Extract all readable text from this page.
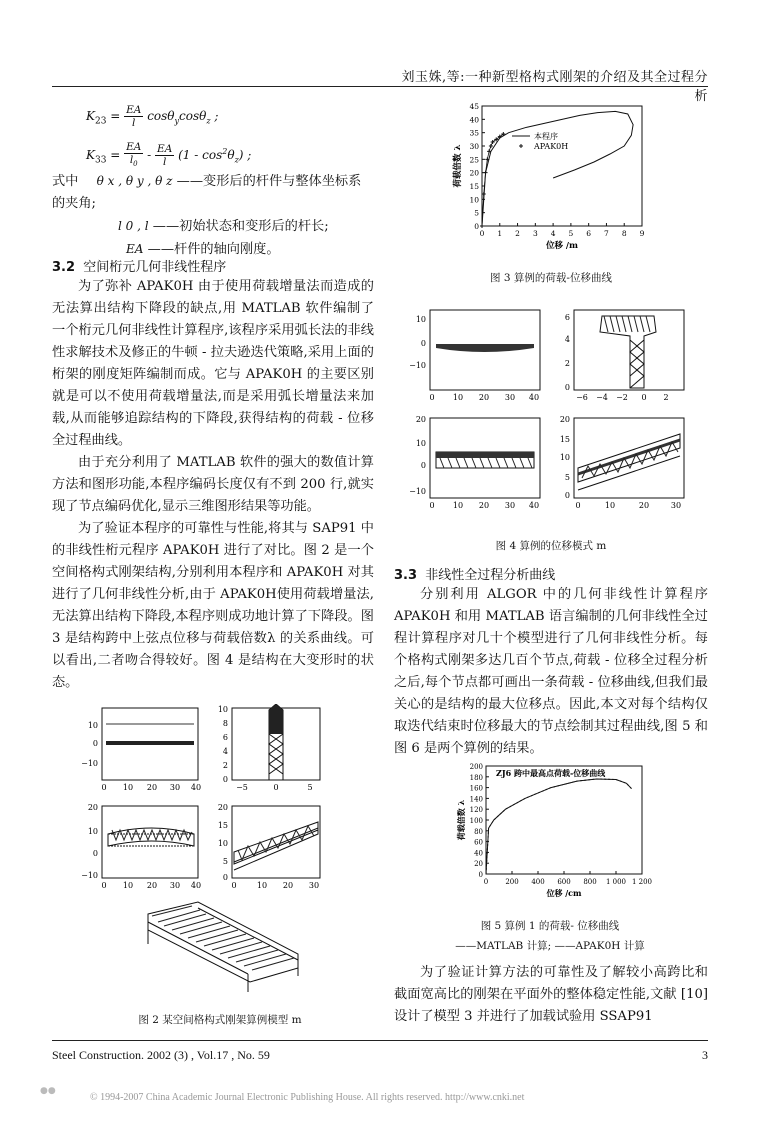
刘玉姝,等:一种新型格构式刚架的介绍及其全过程分析
$K_{23} = \frac{EA}{l} \cos\theta_y\cos\theta_z$ ;
$K_{33} = \frac{EA}{l_0} - \frac{EA}{l} (1 - \cos^2\theta_z)$ ;
式中 θ x , θ y , θ z ——变形后的杆件与整体坐标系的夹角;
l 0 , l ——初始状态和变形后的杆长;
EA ——杆件的轴向刚度。
3.2 空间桁元几何非线性程序

为了弥补 APAK0H 由于使用荷载增量法而造成的无法算出结构下降段的缺点,用 MATLAB 软件编制了一个桁元几何非线性计算程序,该程序采用弧长法的非线性求解技术及修正的牛顿 - 拉夫逊迭代策略,采用上面的桁架的刚度矩阵编制而成。它与 APAK0H 的主要区别就是可以不使用荷载增量法,而是采用弧长增量法来加载,从而能够追踪结构的下降段,获得结构的荷载 - 位移全过程曲线。

由于充分利用了 MATLAB 软件的强大的数值计算方法和图形功能,本程序编码长度仅有不到 200 行,就实现了节点编码优化,显示三维图形结果等功能。

为了验证本程序的可靠性与性能,将其与 SAP91 中的非线性桁元程序 APAK0H 进行了对比。图 2 是一个空间格构式刚架结构,分别利用本程序和 APAK0H 对其进行了几何非线性分析,由于 APAK0H使用荷载增量法,无法算出结构下降段,本程序则成功地计算了下降段。图 3 是结构跨中上弦点位移与荷载倍数λ 的关系曲线。可以看出,二者吻合得较好。图 4 是结构在大变形时的状态。

10
0
−10
0 10 20 30 40
10
8
6
4
2
0
−5	0	5
20
10
0
−10
0 10 20 30 40
20
15
10
5
0
0	10 20 30
图 2 某空间格构式刚架算例模型 m
0
5
10
15
20
25
30
35
40
45
0 1 2 3 4 5 6 7 8 9
位移 /m
荷载倍数 λ
本程序
APAK0H
图 3 算例的荷载-位移曲线
10
0
−10
0 10 20 30 40
6
4
2
0
−6 −4 −2 0 2
20
10
0
−10
0 10 20 30 40
20
15
10
5
0
0	10	20	30
图 4 算例的位移模式 m
3.3 非线性全过程分析曲线

分别利用 ALGOR 中的几何非线性计算程序 APAK0H 和用 MATLAB 语言编制的几何非线性全过程计算程序对几十个模型进行了几何非线性分析。每个格构式刚架多达几百个节点,荷载 - 位移全过程分析之后,每个节点都可画出一条荷载 - 位移曲线,但我们最关心的是结构的最大位移点。因此,本文对每个结构仅取迭代结束时位移最大的节点绘制其过程曲线,图 5 和图 6 是两个算例的结果。

0
20
40
60
80
100
120
140
160
180
200
0 200 400 600 800 1 000 1 200
位移 /cm
荷载倍数 λ
ZJ6 跨中最高点荷载-位移曲线
图 5 算例 1 的荷载- 位移曲线
——MATLAB 计算; ——APAK0H 计算

为了验证计算方法的可靠性及了解较小高跨比和截面宽高比的刚架在平面外的整体稳定性能,文献 [10] 设计了模型 3 并进行了加载试验用 SSAP91

Steel Construction. 2002 (3) , Vol.17 , No. 59	3
© 1994-2007 China Academic Journal Electronic Publishing House. All rights reserved. http://www.cnki.net
●●
